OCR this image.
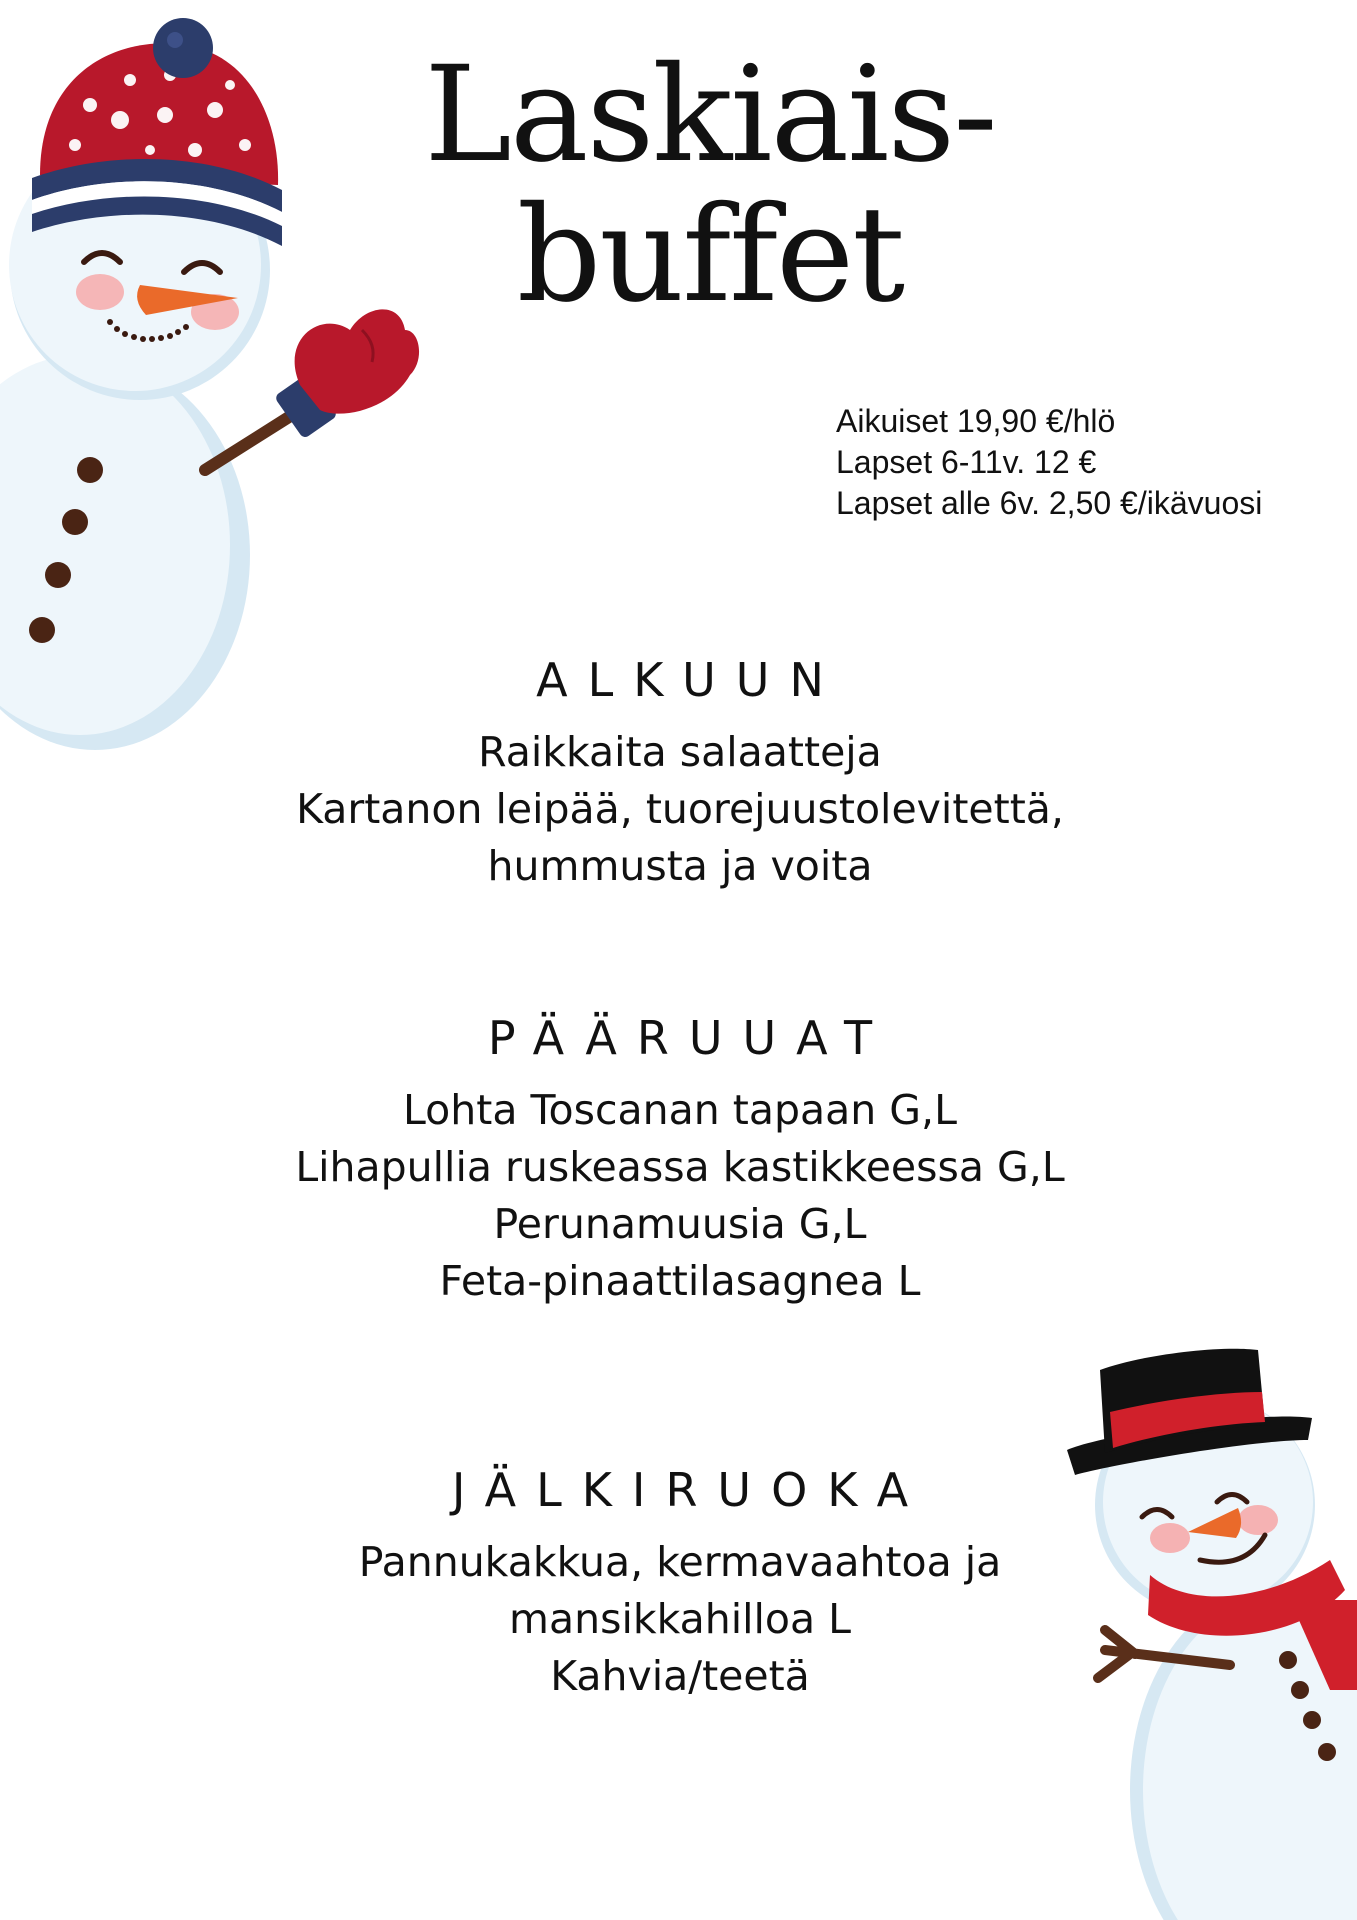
Laskiais-
buffet
Aikuiset 19,90 €/hlö
Lapset 6-11v. 12 €
Lapset alle 6v. 2,50 €/ikävuosi
ALKUUN
Raikkaita salaatteja
Kartanon leipää, tuorejuustolevitettä,
hummusta ja voita
PÄÄRUUAT
Lohta Toscanan tapaan G,L
Lihapullia ruskeassa kastikkeessa G,L
Perunamuusia G,L
Feta-pinaattilasagnea L
JÄLKIRUOKA
Pannukakkua, kermavaahtoa ja
mansikkahilloa L
Kahvia/teetä
